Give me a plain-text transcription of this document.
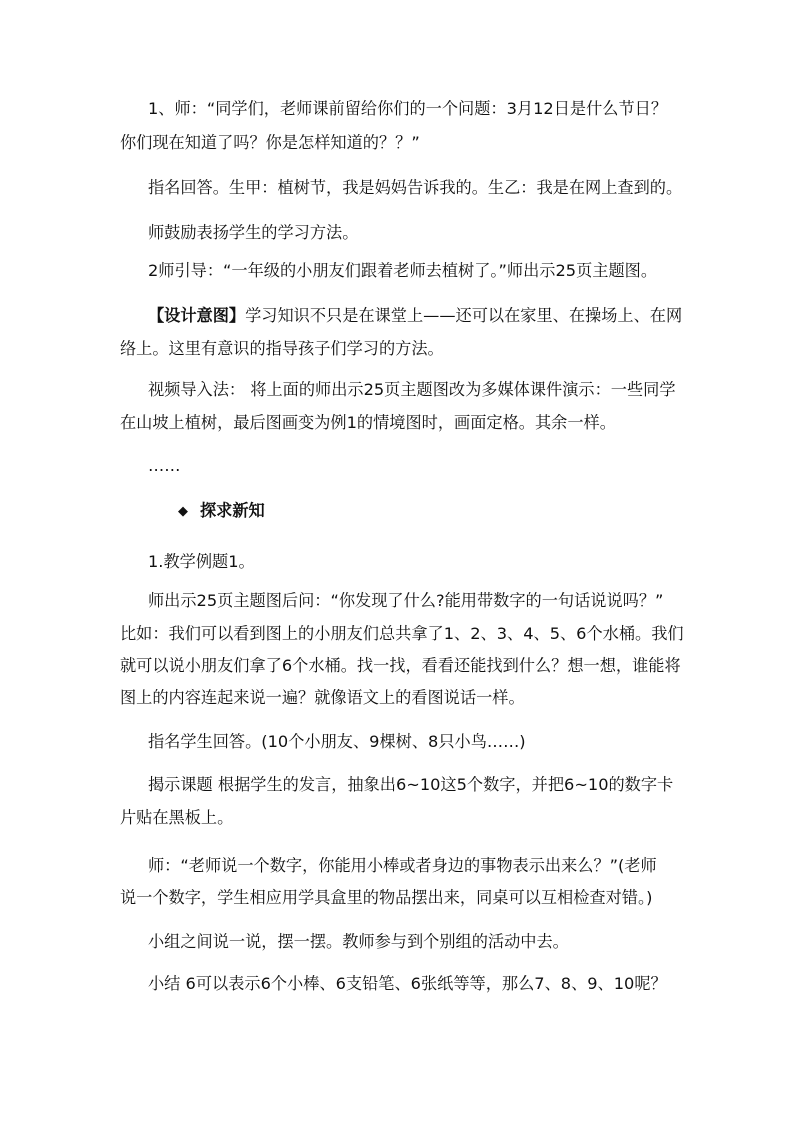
1、师：“同学们，老师课前留给你们的一个问题：3月12日是什么节日？
你们现在知道了吗？你是怎样知道的？？”
指名回答。生甲：植树节，我是妈妈告诉我的。生乙：我是在网上查到的。
师鼓励表扬学生的学习方法。
2师引导：“一年级的小朋友们跟着老师去植树了。”师出示25页主题图。
【设计意图】学习知识不只是在课堂上——还可以在家里、在操场上、在网
络上。这里有意识的指导孩子们学习的方法。
视频导入法： 将上面的师出示25页主题图改为多媒体课件演示：一些同学
在山坡上植树，最后图画变为例1的情境图时，画面定格。其余一样。
……
◆ 探求新知
1.教学例题1。
师出示25页主题图后问：“你发现了什么?能用带数字的一句话说说吗？”
比如：我们可以看到图上的小朋友们总共拿了1、2、3、4、5、6个水桶。我们
就可以说小朋友们拿了6个水桶。找一找，看看还能找到什么？想一想，谁能将
图上的内容连起来说一遍？就像语文上的看图说话一样。
指名学生回答。(10个小朋友、9棵树、8只小鸟……)
揭示课题 根据学生的发言，抽象出6~10这5个数字，并把6~10的数字卡
片贴在黑板上。
师：“老师说一个数字，你能用小棒或者身边的事物表示出来么？”(老师
说一个数字，学生相应用学具盒里的物品摆出来，同桌可以互相检查对错。)
小组之间说一说，摆一摆。教师参与到个别组的活动中去。
小结 6可以表示6个小棒、6支铅笔、6张纸等等，那么7、8、9、10呢？
